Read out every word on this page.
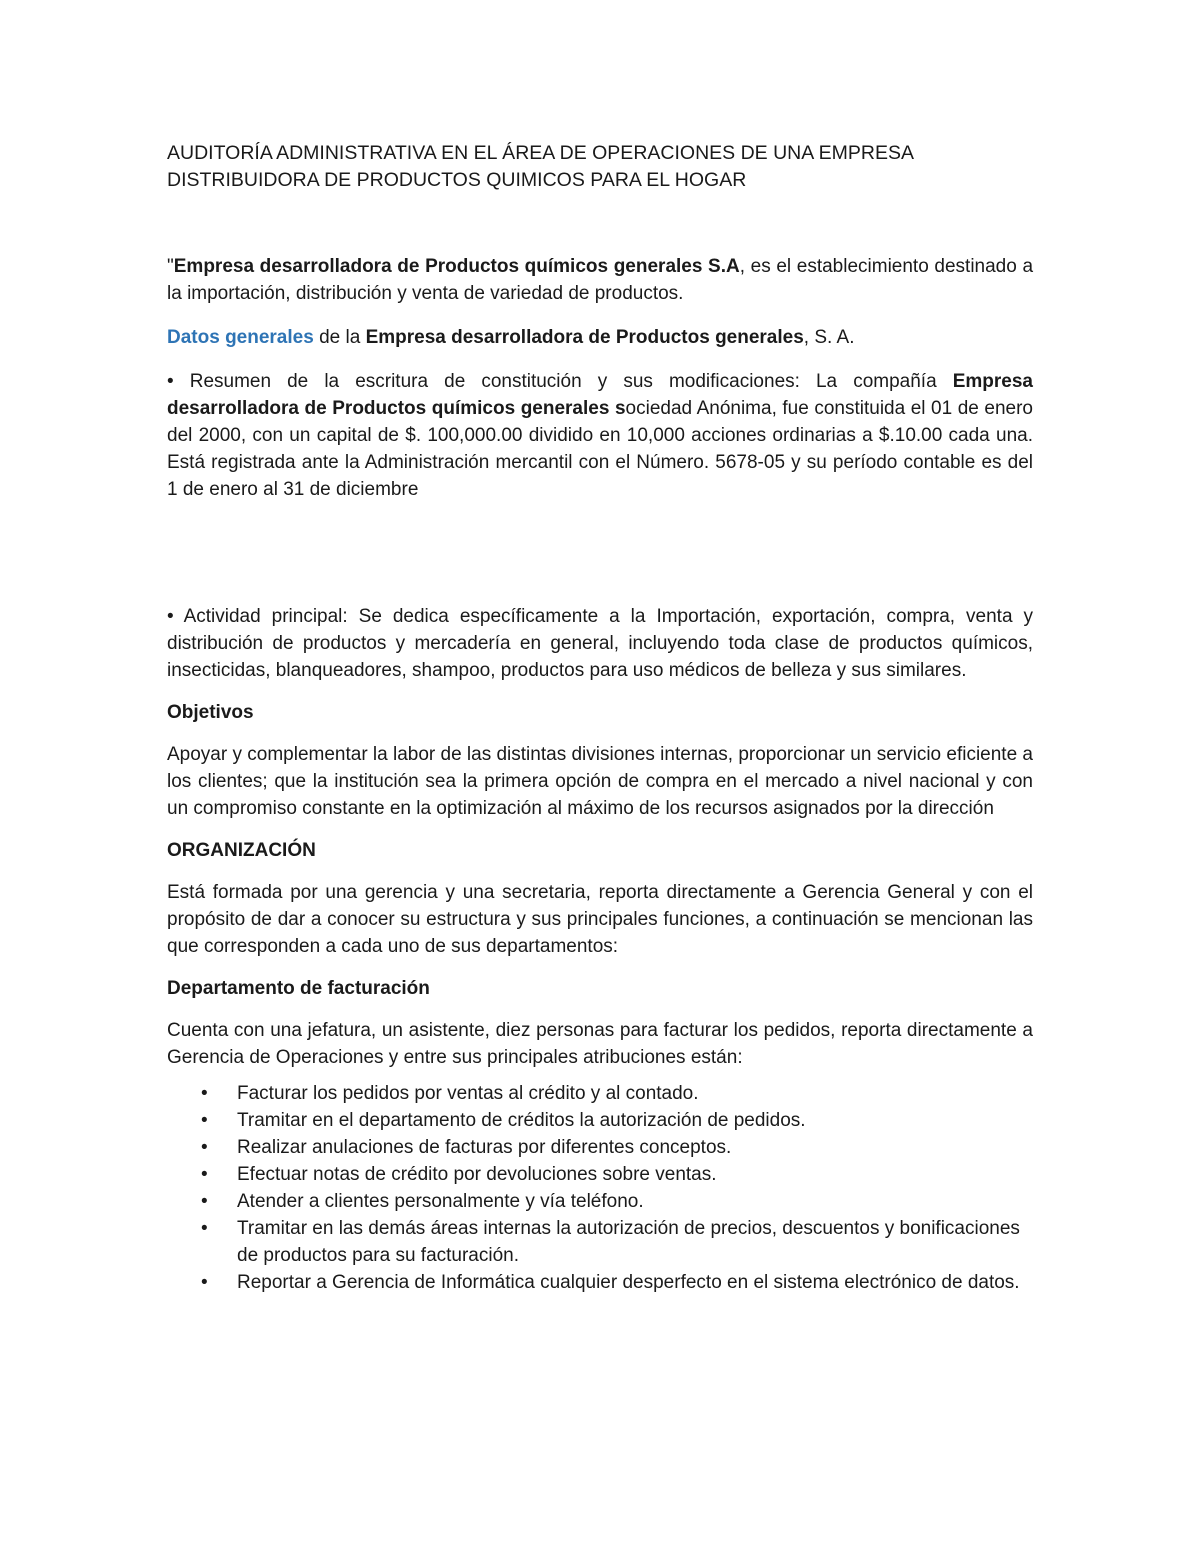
AUDITORÍA ADMINISTRATIVA EN EL ÁREA DE OPERACIONES DE UNA EMPRESA
DISTRIBUIDORA DE PRODUCTOS QUIMICOS PARA EL HOGAR

"Empresa desarrolladora de Productos químicos generales S.A, es el establecimiento destinado a la importación, distribución y venta de variedad de productos.

Datos generales de la Empresa desarrolladora de Productos generales, S. A.

• Resumen de la escritura de constitución y sus modificaciones: La compañía Empresa desarrolladora de Productos químicos generales sociedad Anónima, fue constituida el 01 de enero del 2000, con un capital de $. 100,000.00 dividido en 10,000 acciones ordinarias a $.10.00 cada una. Está registrada ante la Administración mercantil con el Número. 5678-05 y su período contable es del 1 de enero al 31 de diciembre

• Actividad principal: Se dedica específicamente a la Importación, exportación, compra, venta y distribución de productos y mercadería en general, incluyendo toda clase de productos químicos, insecticidas, blanqueadores, shampoo, productos para uso médicos de belleza y sus similares.

Objetivos

Apoyar y complementar la labor de las distintas divisiones internas, proporcionar un servicio eficiente a los clientes; que la institución sea la primera opción de compra en el mercado a nivel nacional y con un compromiso constante en la optimización al máximo de los recursos asignados por la dirección

ORGANIZACIÓN

Está formada por una gerencia y una secretaria, reporta directamente a Gerencia General y con el propósito de dar a conocer su estructura y sus principales funciones, a continuación se mencionan las que corresponden a cada uno de sus departamentos:

Departamento de facturación

Cuenta con una jefatura, un asistente, diez personas para facturar los pedidos, reporta directamente a Gerencia de Operaciones y entre sus principales atribuciones están:

• Facturar los pedidos por ventas al crédito y al contado.
• Tramitar en el departamento de créditos la autorización de pedidos.
• Realizar anulaciones de facturas por diferentes conceptos.
• Efectuar notas de crédito por devoluciones sobre ventas.
• Atender a clientes personalmente y vía teléfono.
• Tramitar en las demás áreas internas la autorización de precios, descuentos y bonificaciones de productos para su facturación.
• Reportar a Gerencia de Informática cualquier desperfecto en el sistema electrónico de datos.
